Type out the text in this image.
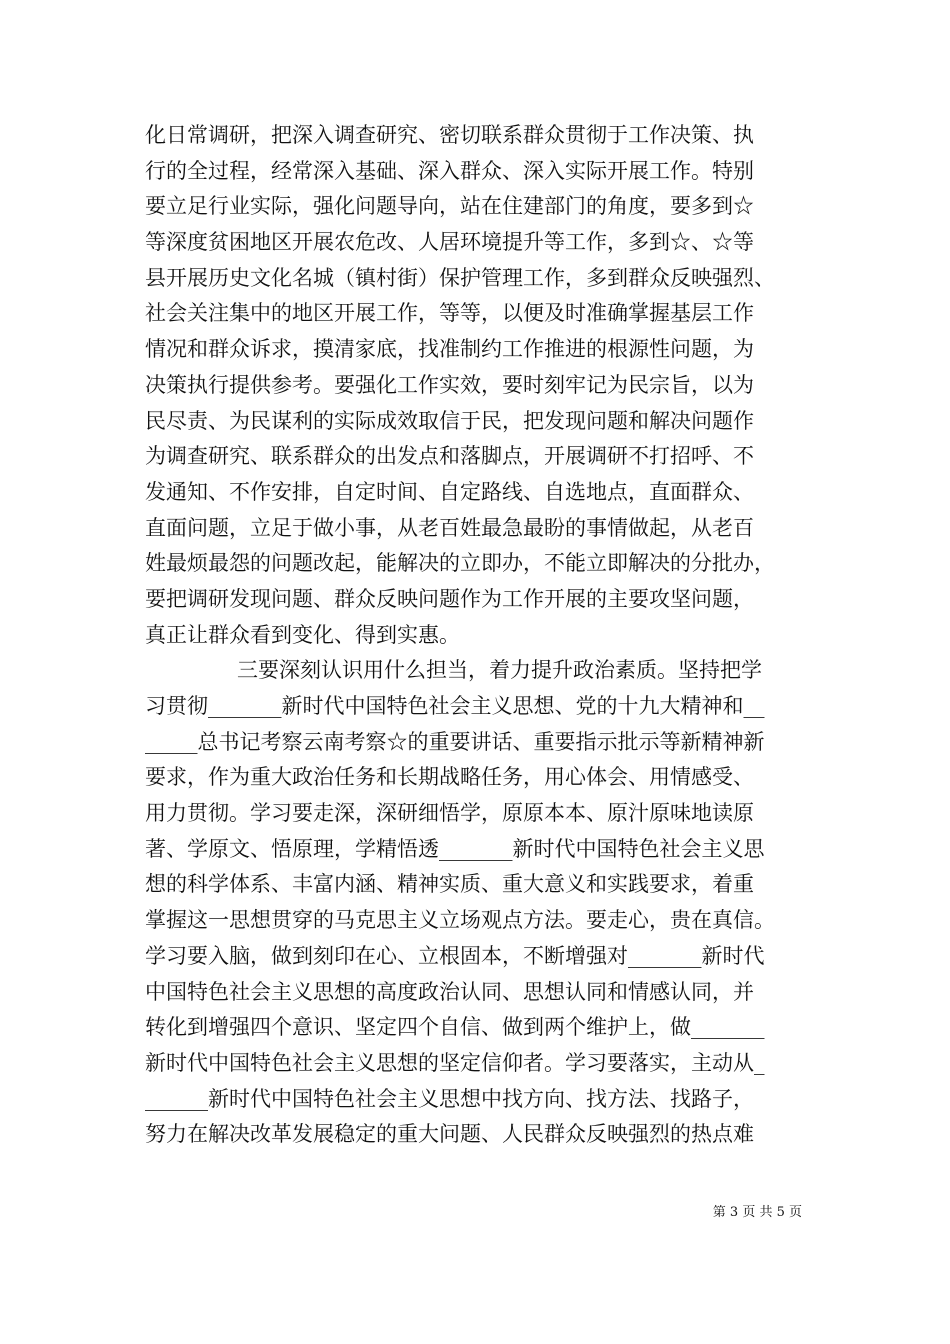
化日常调研，把深入调查研究、密切联系群众贯彻于工作决策、执
行的全过程，经常深入基础、深入群众、深入实际开展工作。特别
要立足行业实际，强化问题导向，站在住建部门的角度，要多到☆
等深度贫困地区开展农危改、人居环境提升等工作，多到☆、☆等
县开展历史文化名城（镇村街）保护管理工作，多到群众反映强烈、
社会关注集中的地区开展工作，等等，以便及时准确掌握基层工作
情况和群众诉求，摸清家底，找准制约工作推进的根源性问题，为
决策执行提供参考。要强化工作实效，要时刻牢记为民宗旨，以为
民尽责、为民谋利的实际成效取信于民，把发现问题和解决问题作
为调查研究、联系群众的出发点和落脚点，开展调研不打招呼、不
发通知、不作安排，自定时间、自定路线、自选地点，直面群众、
直面问题，立足于做小事，从老百姓最急最盼的事情做起，从老百
姓最烦最怨的问题改起，能解决的立即办，不能立即解决的分批办，
要把调研发现问题、群众反映问题作为工作开展的主要攻坚问题，
真正让群众看到变化、得到实惠。
三要深刻认识用什么担当，着力提升政治素质。坚持把学
习贯彻_______新时代中国特色社会主义思想、党的十九大精神和__
_____总书记考察云南考察☆的重要讲话、重要指示批示等新精神新
要求，作为重大政治任务和长期战略任务，用心体会、用情感受、
用力贯彻。学习要走深，深研细悟学，原原本本、原汁原味地读原
著、学原文、悟原理，学精悟透_______新时代中国特色社会主义思
想的科学体系、丰富内涵、精神实质、重大意义和实践要求，着重
掌握这一思想贯穿的马克思主义立场观点方法。要走心，贵在真信。
学习要入脑，做到刻印在心、立根固本，不断增强对_______新时代
中国特色社会主义思想的高度政治认同、思想认同和情感认同，并
转化到增强四个意识、坚定四个自信、做到两个维护上，做_______
新时代中国特色社会主义思想的坚定信仰者。学习要落实，主动从_
______新时代中国特色社会主义思想中找方向、找方法、找路子，
努力在解决改革发展稳定的重大问题、人民群众反映强烈的热点难
第 3 页 共 5 页
